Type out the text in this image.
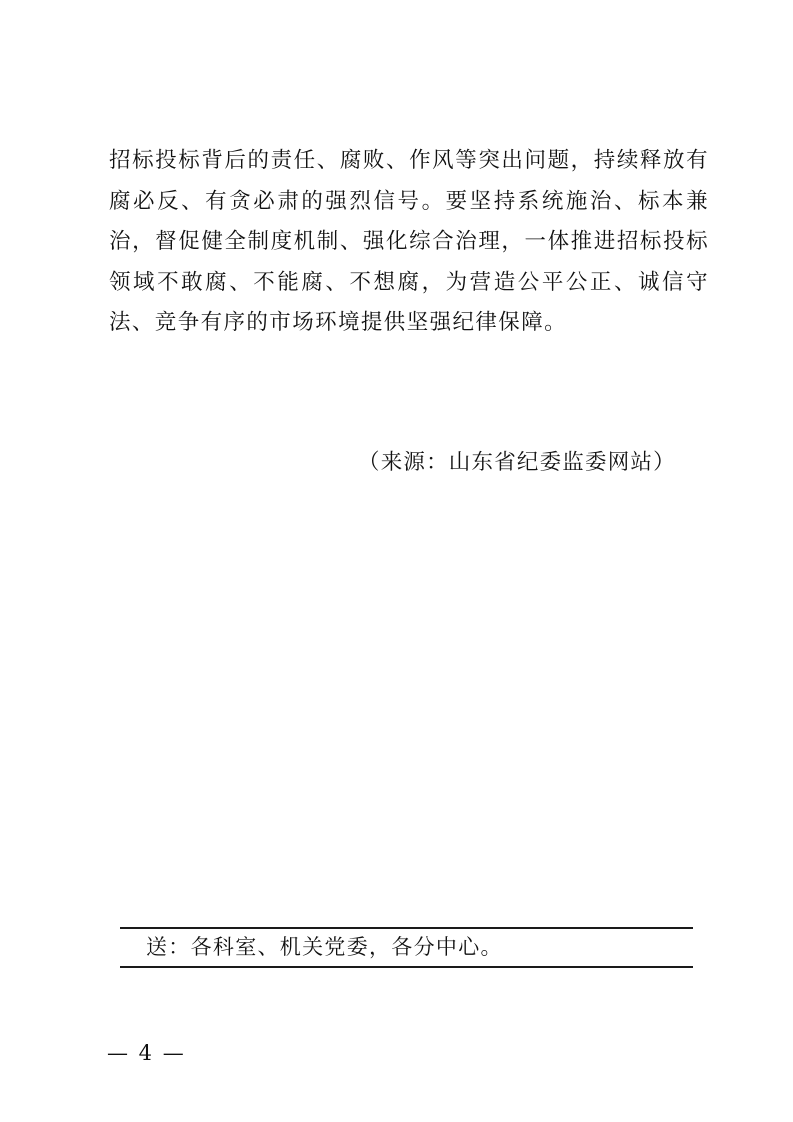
招标投标背后的责任、腐败、作风等突出问题，持续释放有腐必反、有贪必肃的强烈信号。要坚持系统施治、标本兼治，督促健全制度机制、强化综合治理，一体推进招标投标领域不敢腐、不能腐、不想腐，为营造公平公正、诚信守法、竞争有序的市场环境提供坚强纪律保障。

（来源：山东省纪委监委网站）

送：各科室、机关党委，各分中心。

— 4 —
